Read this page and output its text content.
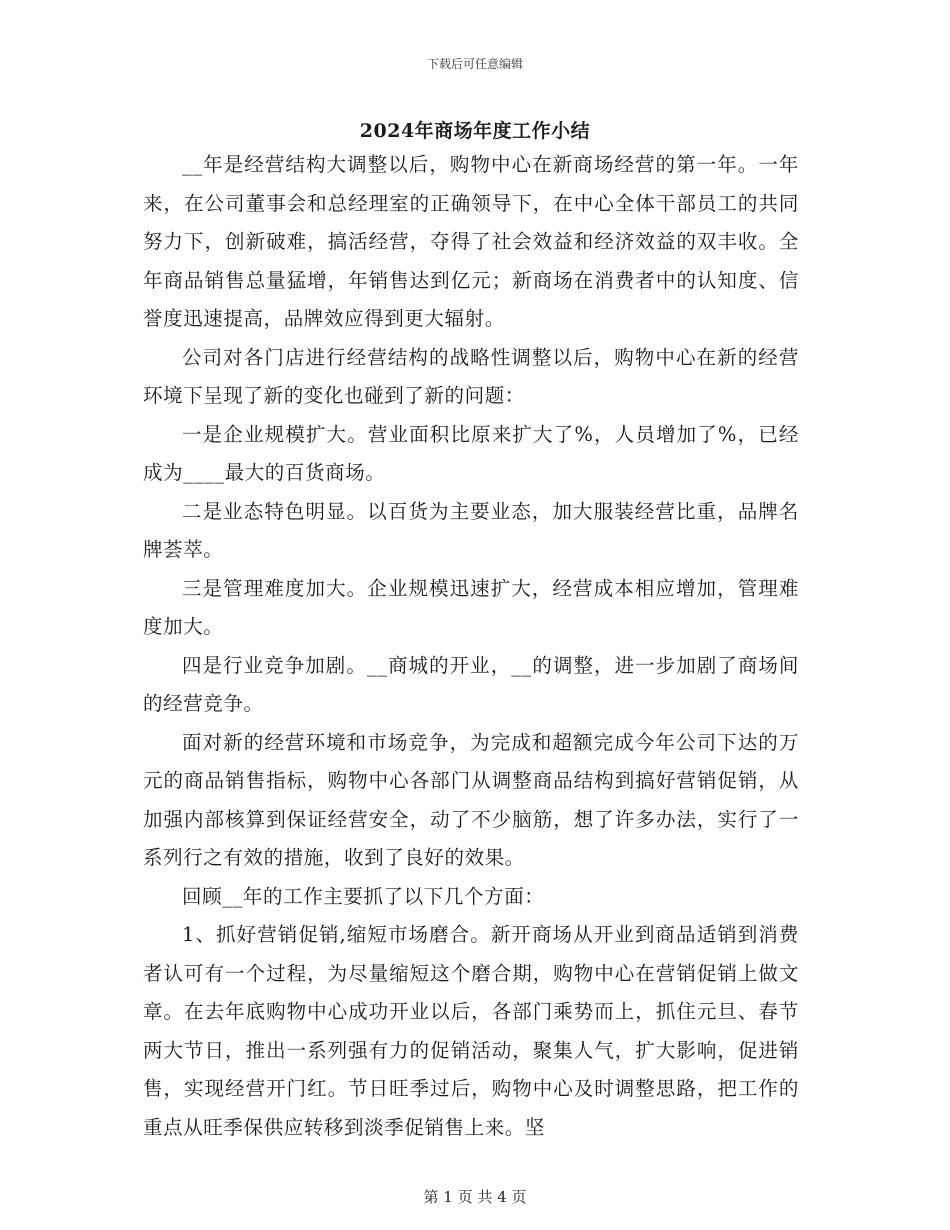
下载后可任意编辑
2024年商场年度工作小结

__年是经营结构大调整以后，购物中心在新商场经营的第一年。一年来，在公司董事会和总经理室的正确领导下，在中心全体干部员工的共同努力下，创新破难，搞活经营，夺得了社会效益和经济效益的双丰收。全年商品销售总量猛增，年销售达到亿元；新商场在消费者中的认知度、信誉度迅速提高，品牌效应得到更大辐射。

公司对各门店进行经营结构的战略性调整以后，购物中心在新的经营环境下呈现了新的变化也碰到了新的问题：

一是企业规模扩大。营业面积比原来扩大了%，人员增加了%，已经成为____最大的百货商场。

二是业态特色明显。以百货为主要业态，加大服装经营比重，品牌名牌荟萃。

三是管理难度加大。企业规模迅速扩大，经营成本相应增加，管理难度加大。

四是行业竞争加剧。__商城的开业，__的调整，进一步加剧了商场间的经营竞争。

面对新的经营环境和市场竞争，为完成和超额完成今年公司下达的万元的商品销售指标，购物中心各部门从调整商品结构到搞好营销促销，从加强内部核算到保证经营安全，动了不少脑筋，想了许多办法，实行了一系列行之有效的措施，收到了良好的效果。

回顾__年的工作主要抓了以下几个方面：

1、抓好营销促销,缩短市场磨合。新开商场从开业到商品适销到消费者认可有一个过程，为尽量缩短这个磨合期，购物中心在营销促销上做文章。在去年底购物中心成功开业以后，各部门乘势而上，抓住元旦、春节两大节日，推出一系列强有力的促销活动，聚集人气，扩大影响，促进销售，实现经营开门红。节日旺季过后，购物中心及时调整思路，把工作的重点从旺季保供应转移到淡季促销售上来。坚

第 1 页 共 4 页
